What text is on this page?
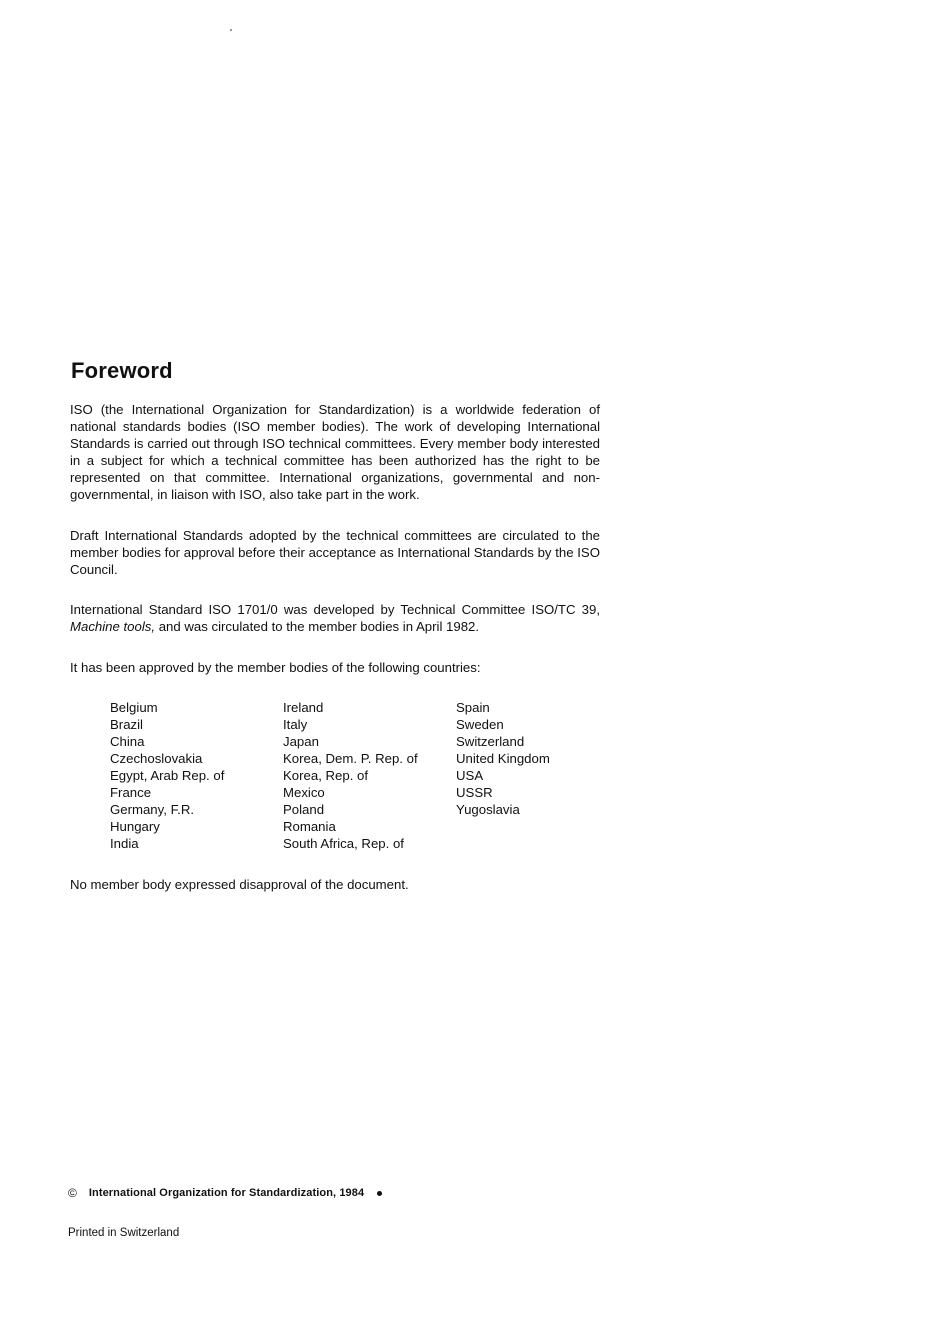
Foreword

ISO (the International Organization for Standardization) is a worldwide federation of national standards bodies (ISO member bodies). The work of developing International Standards is carried out through ISO technical committees. Every member body interested in a subject for which a technical committee has been authorized has the right to be represented on that committee. International organizations, governmental and non-governmental, in liaison with ISO, also take part in the work.

Draft International Standards adopted by the technical committees are circulated to the member bodies for approval before their acceptance as International Standards by the ISO Council.

International Standard ISO 1701/0 was developed by Technical Committee ISO/TC 39, Machine tools, and was circulated to the member bodies in April 1982.

It has been approved by the member bodies of the following countries:

Belgium
Brazil
China
Czechoslovakia
Egypt, Arab Rep. of
France
Germany, F.R.
Hungary
India
Ireland
Italy
Japan
Korea, Dem. P. Rep. of
Korea, Rep. of
Mexico
Poland
Romania
South Africa, Rep. of
Spain
Sweden
Switzerland
United Kingdom
USA
USSR
Yugoslavia

No member body expressed disapproval of the document.

© International Organization for Standardization, 1984
Printed in Switzerland
